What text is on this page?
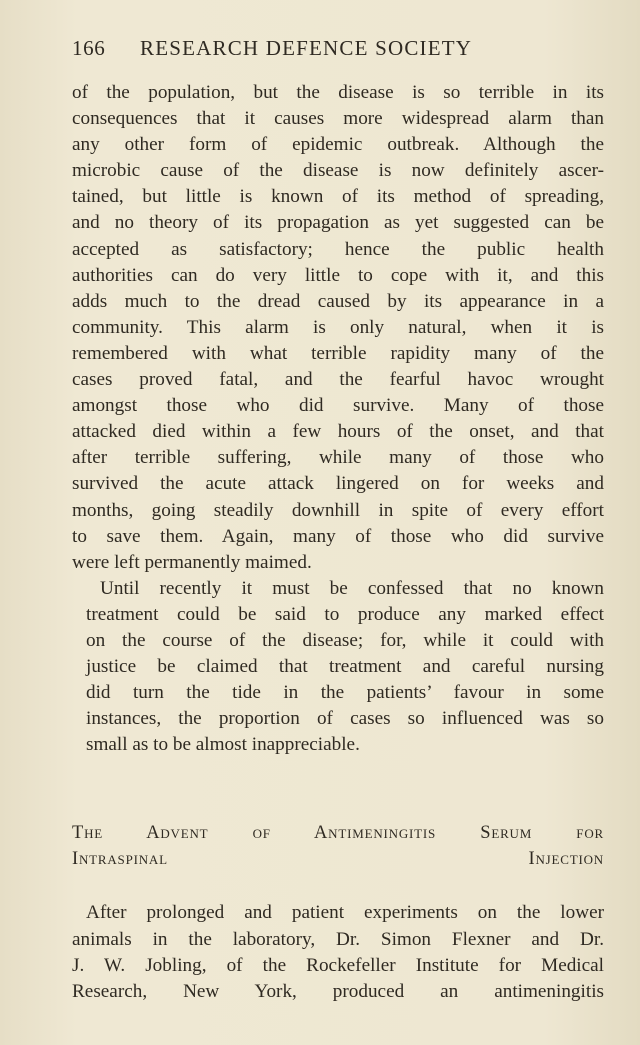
166	RESEARCH DEFENCE SOCIETY

of the population, but the disease is so terrible in its
consequences that it causes more widespread alarm than
any other form of epidemic outbreak. Although the
microbic cause of the disease is now definitely ascer-
tained, but little is known of its method of spreading,
and no theory of its propagation as yet suggested can be
accepted as satisfactory; hence the public health
authorities can do very little to cope with it, and this
adds much to the dread caused by its appearance in a
community. This alarm is only natural, when it is
remembered with what terrible rapidity many of the
cases proved fatal, and the fearful havoc wrought
amongst those who did survive. Many of those
attacked died within a few hours of the onset, and that
after terrible suffering, while many of those who
survived the acute attack lingered on for weeks and
months, going steadily downhill in spite of every effort
to save them. Again, many of those who did survive
were left permanently maimed.

Until recently it must be confessed that no known
treatment could be said to produce any marked effect
on the course of the disease; for, while it could with
justice be claimed that treatment and careful nursing
did turn the tide in the patients’ favour in some
instances, the proportion of cases so influenced was so
small as to be almost inappreciable.

The Advent of Antimeningitis Serum for
Intraspinal Injection

After prolonged and patient experiments on the lower
animals in the laboratory, Dr. Simon Flexner and Dr.
J. W. Jobling, of the Rockefeller Institute for Medical
Research, New York, produced an antimeningitis
